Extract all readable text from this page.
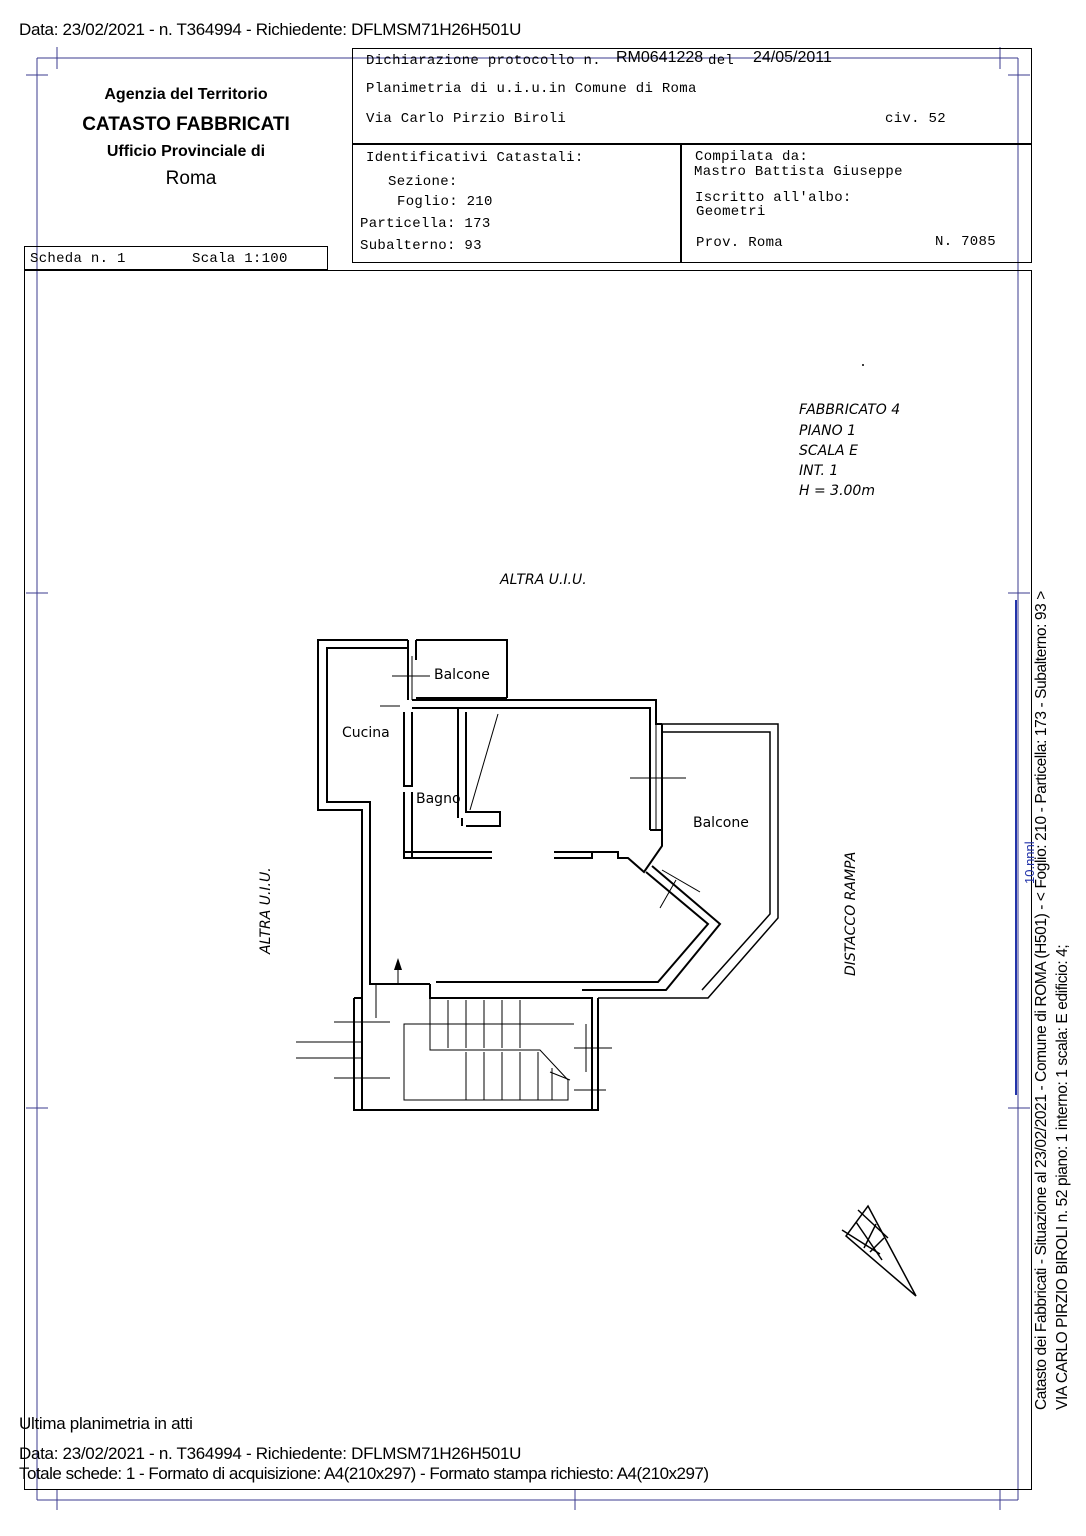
Data: 23/02/2021 - n. T364994 - Richiedente: DFLMSM71H26H501U
Agenzia del Territorio
CATASTO FABBRICATI
Ufficio Provinciale di
Roma
Scheda n. 1	Scala 1:100
Dichiarazione protocollo n. RM0641228 del 24/05/2011
Planimetria di u.i.u.in Comune di Roma
Via Carlo Pirzio Biroli	civ. 52
Identificativi Catastali:
Sezione:
Foglio: 210
Particella: 173
Subalterno: 93
Compilata da:
Mastro Battista Giuseppe
Iscritto all'albo:
Geometri
Prov. Roma	N. 7085
FABBRICATO 4
PIANO 1
SCALA E
INT. 1
H = 3.00m
ALTRA U.I.U.
ALTRA U.I.U.	DISTACCO RAMPA
Balcone
Cucina
Bagno
Balcone	Catasto dei Fabbricati - Situazione al 23/02/2021 - Comune di ROMA (H501) - < Foglio: 210 - Particella: 173 - Subalterno: 93 > VIA CARLO PIRZIO BIROLI n. 52 piano: 1 interno: 1 scala: E edificio: 4;
10.nnnl
Ultima planimetria in atti
Data: 23/02/2021 - n. T364994 - Richiedente: DFLMSM71H26H501U
Totale schede: 1 - Formato di acquisizione: A4(210x297) - Formato stampa richiesto: A4(210x297)
